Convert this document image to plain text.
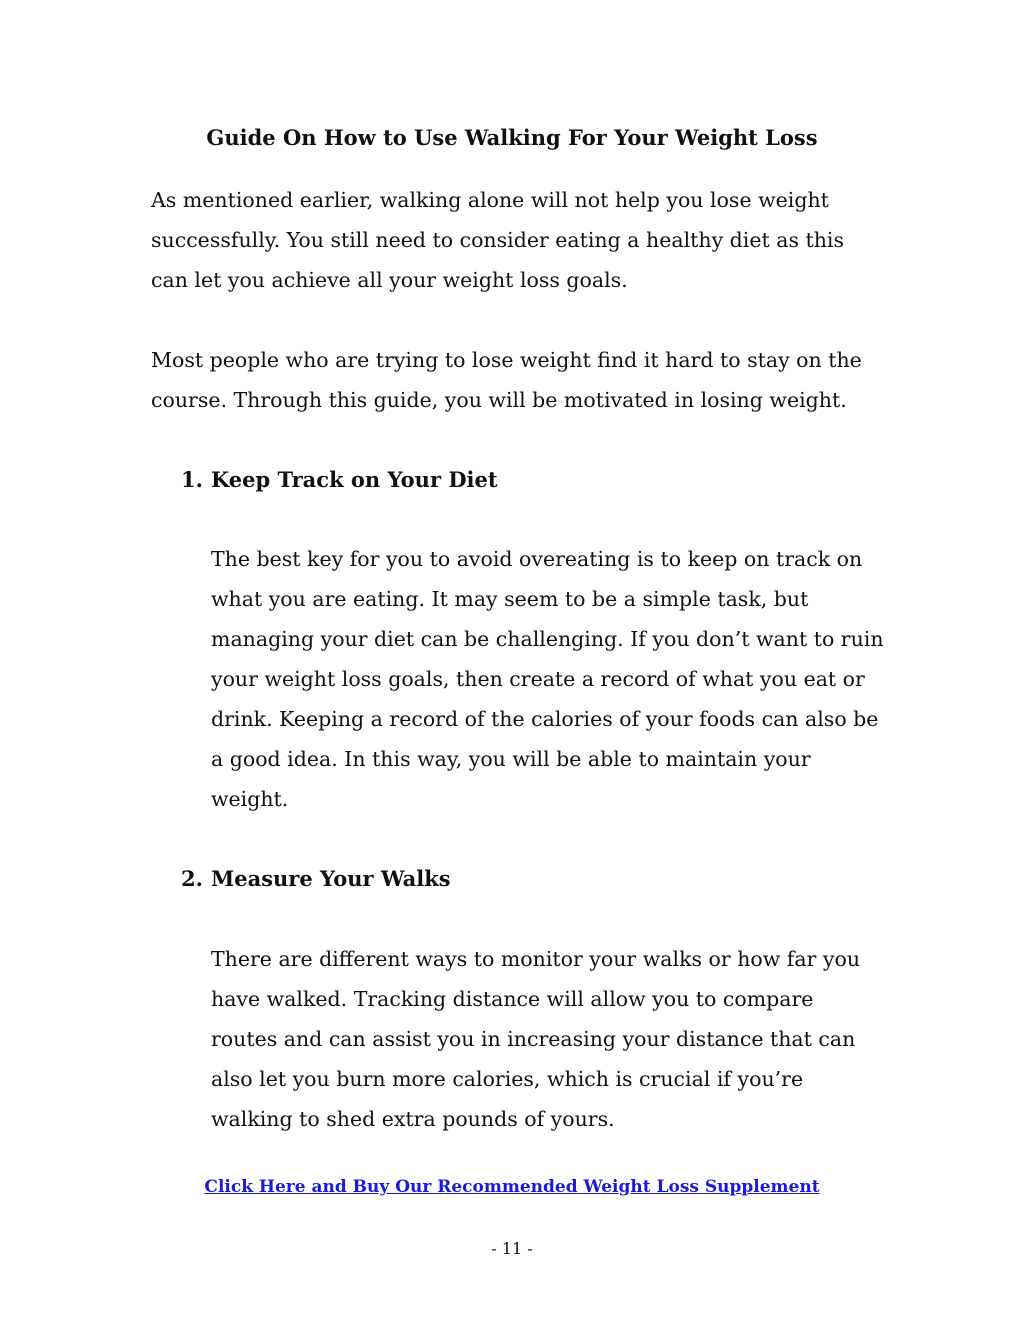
Guide On How to Use Walking For Your Weight Loss

As mentioned earlier, walking alone will not help you lose weight
successfully. You still need to consider eating a healthy diet as this
can let you achieve all your weight loss goals.

Most people who are trying to lose weight find it hard to stay on the
course. Through this guide, you will be motivated in losing weight.

1. Keep Track on Your Diet

The best key for you to avoid overeating is to keep on track on
what you are eating. It may seem to be a simple task, but
managing your diet can be challenging. If you don’t want to ruin
your weight loss goals, then create a record of what you eat or
drink. Keeping a record of the calories of your foods can also be
a good idea. In this way, you will be able to maintain your
weight.

2. Measure Your Walks

There are different ways to monitor your walks or how far you
have walked. Tracking distance will allow you to compare
routes and can assist you in increasing your distance that can
also let you burn more calories, which is crucial if you’re
walking to shed extra pounds of yours.

Click Here and Buy Our Recommended Weight Loss Supplement
- 11 -
